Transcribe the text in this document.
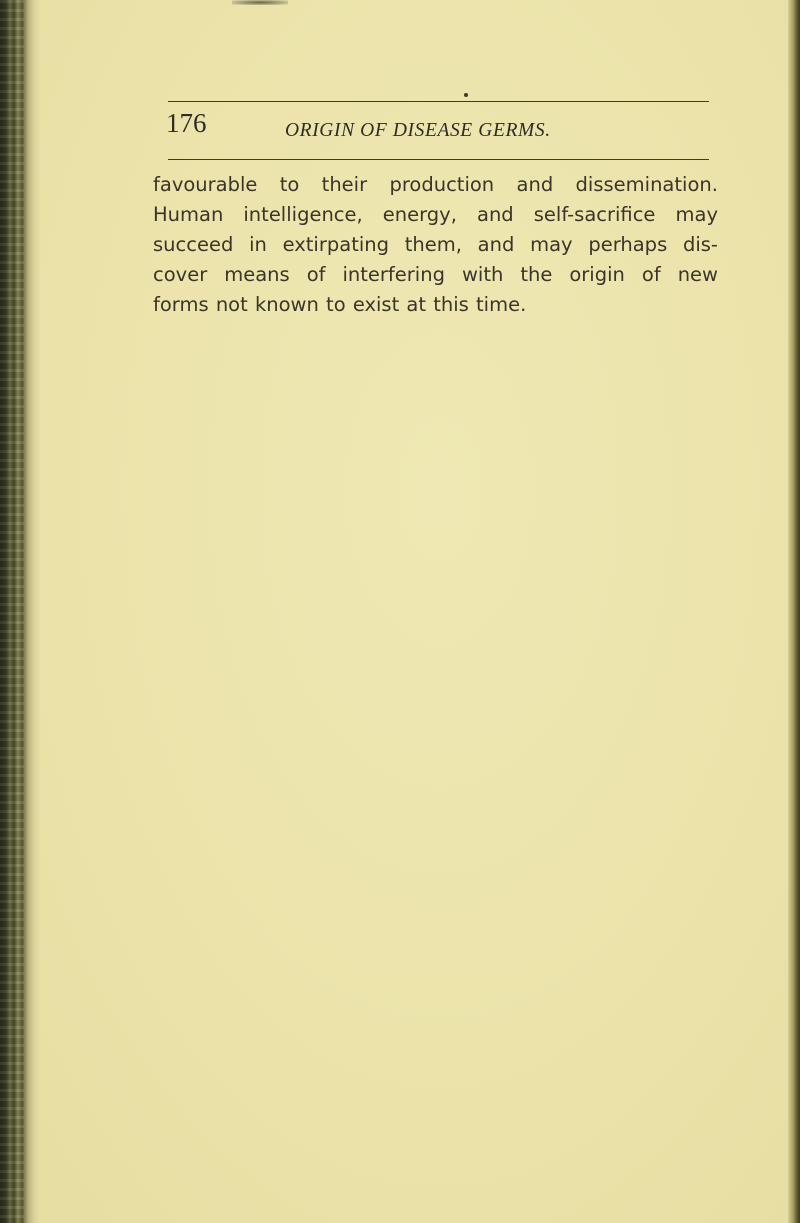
176	ORIGIN OF DISEASE GERMS.
favourable to their production and dissemination.
Human intelligence, energy, and self-sacrifice may
succeed in extirpating them, and may perhaps dis-
cover means of interfering with the origin of new
forms not known to exist at this time.
